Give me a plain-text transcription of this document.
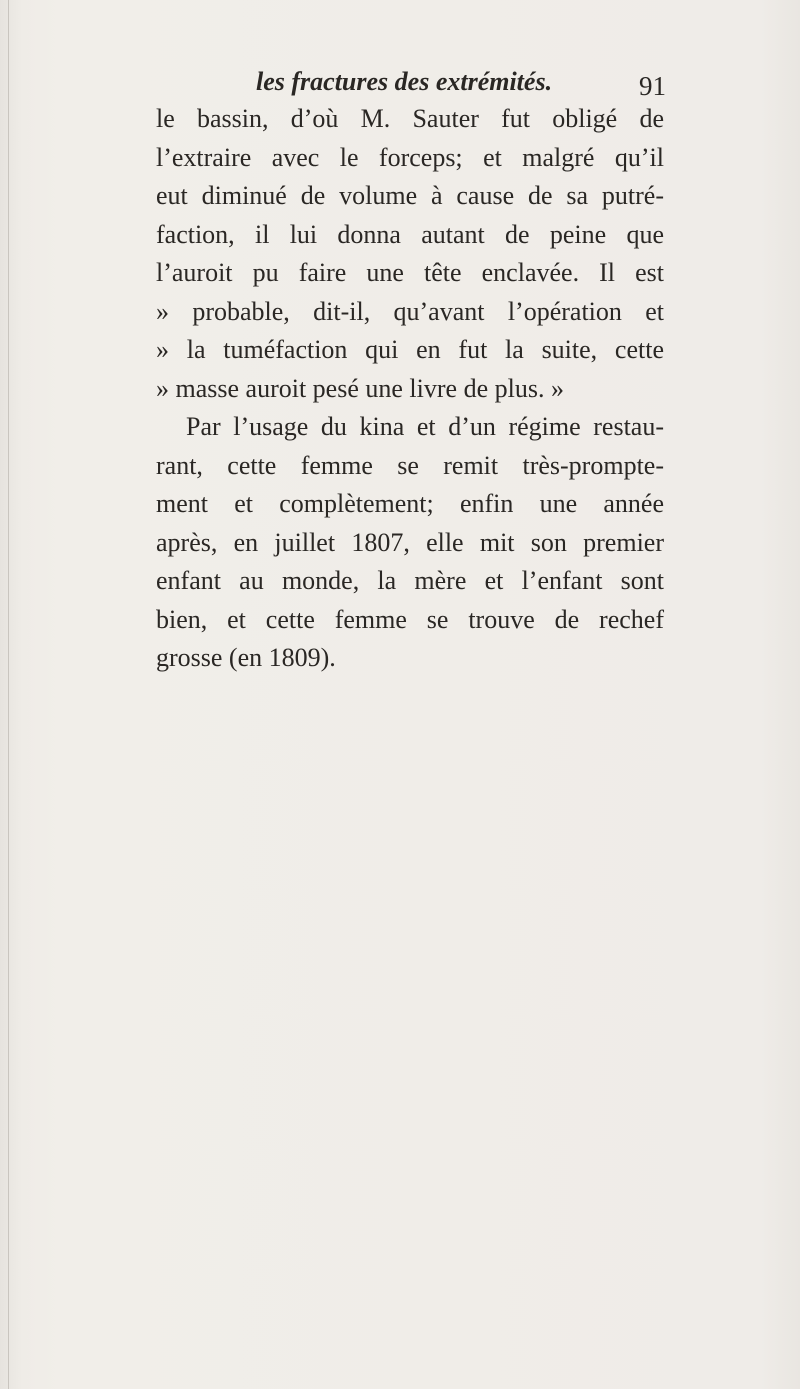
les fractures des extrémités.	91
le bassin, d’où M. Sauter fut obligé de
l’extraire avec le forceps; et malgré qu’il
eut diminué de volume à cause de sa putré-
faction, il lui donna autant de peine que
l’auroit pu faire une tête enclavée. Il est
» probable, dit-il, qu’avant l’opération et
» la tuméfaction qui en fut la suite, cette
» masse auroit pesé une livre de plus. »
Par l’usage du kina et d’un régime restau-
rant, cette femme se remit très-prompte-
ment et complètement; enfin une année
après, en juillet 1807, elle mit son premier
enfant au monde, la mère et l’enfant sont
bien, et cette femme se trouve de rechef
grosse (en 1809).
